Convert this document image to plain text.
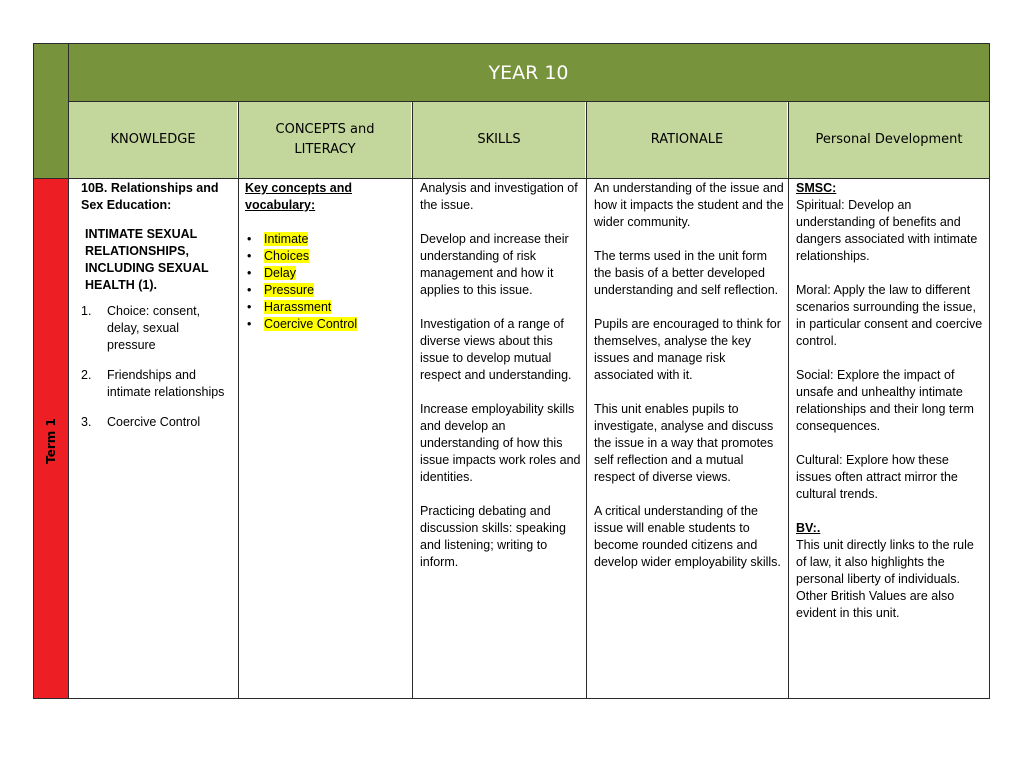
YEAR 10
KNOWLEDGE
CONCEPTS and LITERACY
SKILLS	RATIONALE	Personal Development
Term 1

10B. Relationships and Sex Education:

INTIMATE SEXUAL RELATIONSHIPS, INCLUDING SEXUAL HEALTH (1).

1. Choice: consent, delay, sexual pressure
2. Friendships and intimate relationships
3. Coercive Control

Key concepts and vocabulary:

• Intimate
• Choices
• Delay
• Pressure
• Harassment
• Coercive Control

Analysis and investigation of the issue.

Develop and increase their understanding of risk management and how it applies to this issue.

Investigation of a range of diverse views about this issue to develop mutual respect and understanding.

Increase employability skills and develop an understanding of how this issue impacts work roles and identities.

Practicing debating and discussion skills: speaking and listening; writing to inform.

An understanding of the issue and how it impacts the student and the wider community.

The terms used in the unit form the basis of a better developed understanding and self reflection.

Pupils are encouraged to think for themselves, analyse the key issues and manage risk associated with it.

This unit enables pupils to investigate, analyse and discuss the issue in a way that promotes self reflection and a mutual respect of diverse views.

A critical understanding of the issue will enable students to become rounded citizens and develop wider employability skills.

SMSC:

Spiritual: Develop an understanding of benefits and dangers associated with intimate relationships.

Moral: Apply the law to different scenarios surrounding the issue, in particular consent and coercive control.

Social: Explore the impact of unsafe and unhealthy intimate relationships and their long term consequences.

Cultural: Explore how these issues often attract mirror the cultural trends.

BV:.

This unit directly links to the rule of law, it also highlights the personal liberty of individuals. Other British Values are also evident in this unit.
